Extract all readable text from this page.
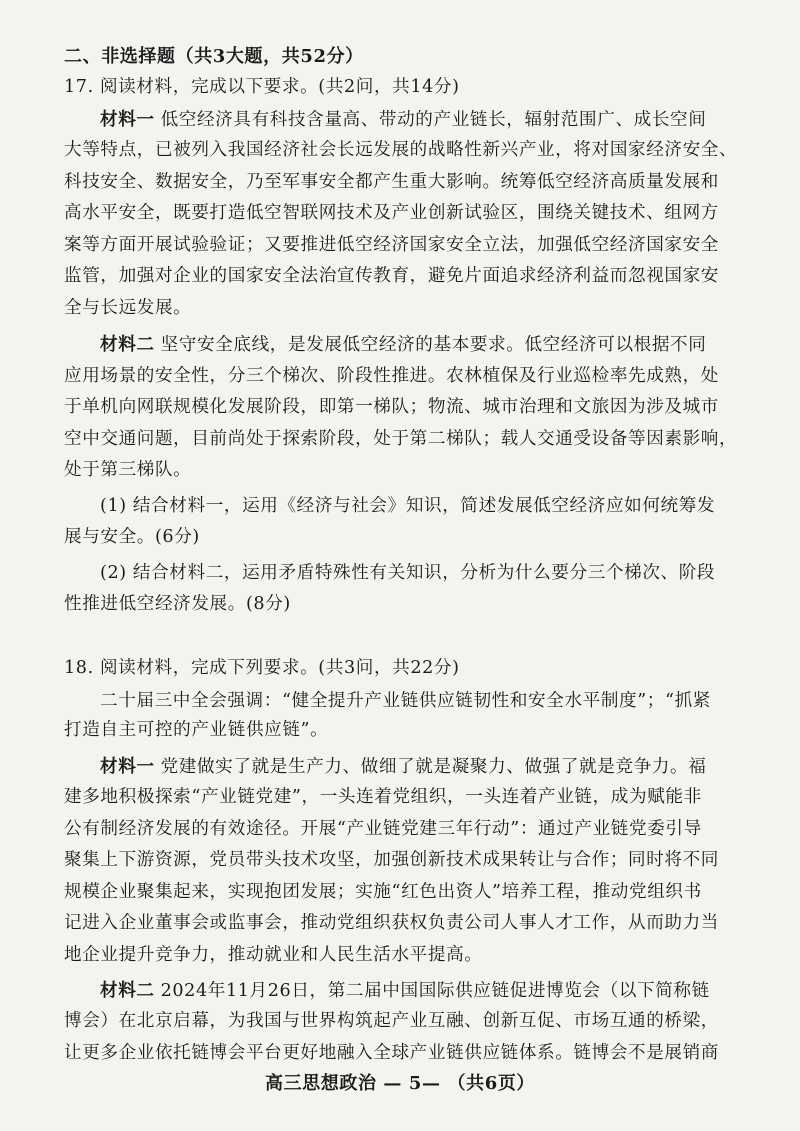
二、非选择题（共3大题，共52分）
17. 阅读材料，完成以下要求。(共2问，共14分)
材料一 低空经济具有科技含量高、带动的产业链长，辐射范围广、成长空间
大等特点，已被列入我国经济社会长远发展的战略性新兴产业，将对国家经济安全、
科技安全、数据安全，乃至军事安全都产生重大影响。统筹低空经济高质量发展和
高水平安全，既要打造低空智联网技术及产业创新试验区，围绕关键技术、组网方
案等方面开展试验验证；又要推进低空经济国家安全立法，加强低空经济国家安全
监管，加强对企业的国家安全法治宣传教育，避免片面追求经济利益而忽视国家安
全与长远发展。
材料二 坚守安全底线，是发展低空经济的基本要求。低空经济可以根据不同
应用场景的安全性，分三个梯次、阶段性推进。农林植保及行业巡检率先成熟，处
于单机向网联规模化发展阶段，即第一梯队；物流、城市治理和文旅因为涉及城市
空中交通问题，目前尚处于探索阶段，处于第二梯队；载人交通受设备等因素影响，
处于第三梯队。
(1) 结合材料一，运用《经济与社会》知识，简述发展低空经济应如何统筹发
展与安全。(6分)
(2) 结合材料二，运用矛盾特殊性有关知识，分析为什么要分三个梯次、阶段
性推进低空经济发展。(8分)
18. 阅读材料，完成下列要求。(共3问，共22分)
二十届三中全会强调：“健全提升产业链供应链韧性和安全水平制度”；“抓紧
打造自主可控的产业链供应链”。
材料一 党建做实了就是生产力、做细了就是凝聚力、做强了就是竞争力。福
建多地积极探索“产业链党建”，一头连着党组织，一头连着产业链，成为赋能非
公有制经济发展的有效途径。开展“产业链党建三年行动”：通过产业链党委引导
聚集上下游资源，党员带头技术攻坚，加强创新技术成果转让与合作；同时将不同
规模企业聚集起来，实现抱团发展；实施“红色出资人”培养工程，推动党组织书
记进入企业董事会或监事会，推动党组织获权负责公司人事人才工作，从而助力当
地企业提升竞争力，推动就业和人民生活水平提高。
材料二 2024年11月26日，第二届中国国际供应链促进博览会（以下简称链
博会）在北京启幕，为我国与世界构筑起产业互融、创新互促、市场互通的桥梁，
让更多企业依托链博会平台更好地融入全球产业链供应链体系。链博会不是展销商
高三思想政治 — 5— （共6页）
